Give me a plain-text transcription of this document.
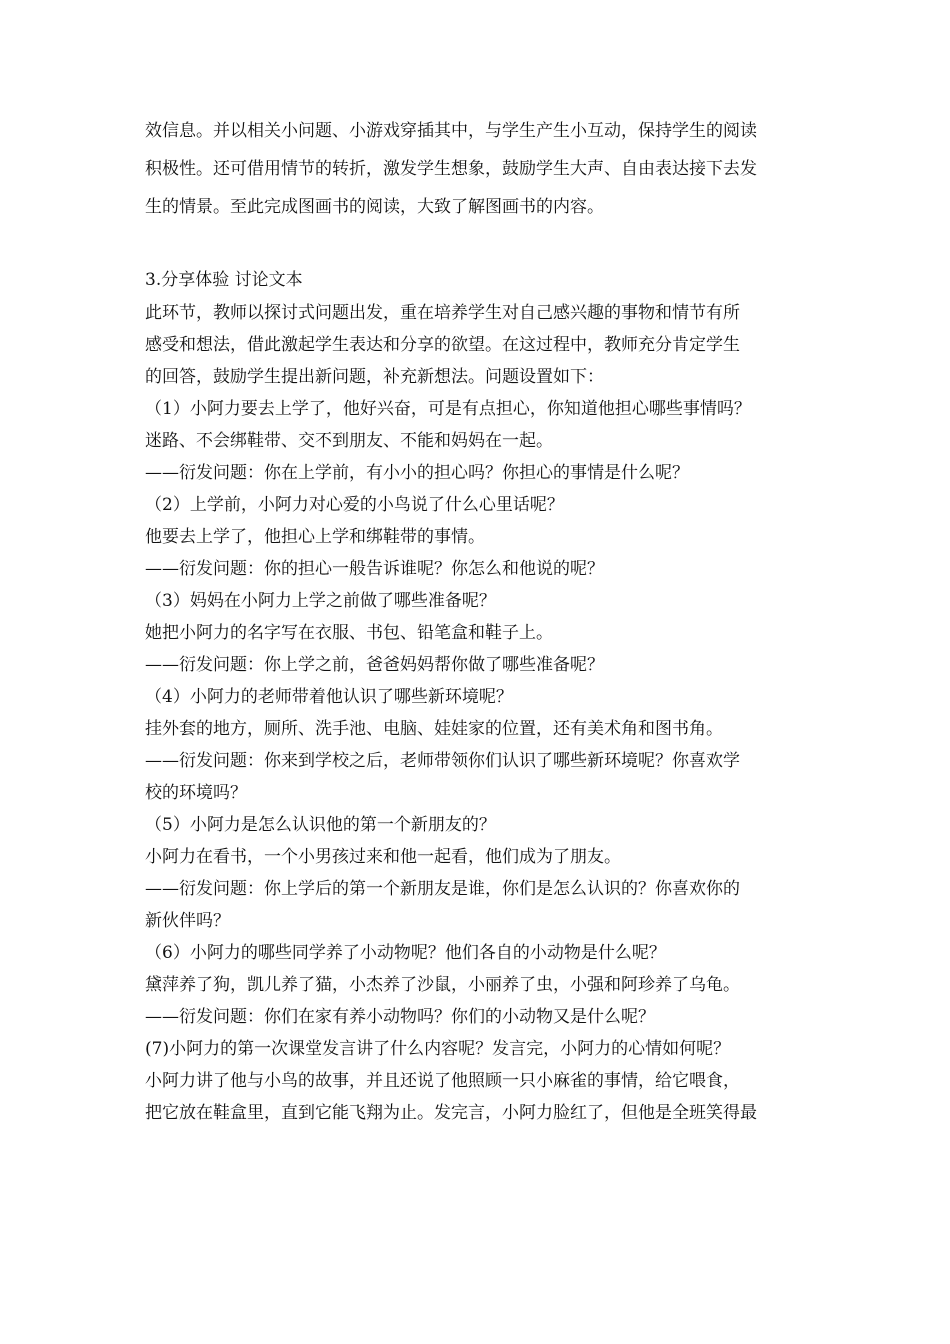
效信息。并以相关小问题、小游戏穿插其中，与学生产生小互动，保持学生的阅读

积极性。还可借用情节的转折，激发学生想象，鼓励学生大声、自由表达接下去发

生的情景。至此完成图画书的阅读，大致了解图画书的内容。

3.分享体验 讨论文本

此环节，教师以探讨式问题出发，重在培养学生对自己感兴趣的事物和情节有所

感受和想法，借此激起学生表达和分享的欲望。在这过程中，教师充分肯定学生

的回答，鼓励学生提出新问题，补充新想法。问题设置如下：

（1）小阿力要去上学了，他好兴奋，可是有点担心，你知道他担心哪些事情吗？

迷路、不会绑鞋带、交不到朋友、不能和妈妈在一起。

——衍发问题：你在上学前，有小小的担心吗？你担心的事情是什么呢？

（2）上学前，小阿力对心爱的小鸟说了什么心里话呢？

他要去上学了，他担心上学和绑鞋带的事情。

——衍发问题：你的担心一般告诉谁呢？你怎么和他说的呢？

（3）妈妈在小阿力上学之前做了哪些准备呢？

她把小阿力的名字写在衣服、书包、铅笔盒和鞋子上。

——衍发问题：你上学之前，爸爸妈妈帮你做了哪些准备呢？

（4）小阿力的老师带着他认识了哪些新环境呢？

挂外套的地方，厕所、洗手池、电脑、娃娃家的位置，还有美术角和图书角。

——衍发问题：你来到学校之后，老师带领你们认识了哪些新环境呢？你喜欢学

校的环境吗？

（5）小阿力是怎么认识他的第一个新朋友的？

小阿力在看书，一个小男孩过来和他一起看，他们成为了朋友。

——衍发问题：你上学后的第一个新朋友是谁，你们是怎么认识的？你喜欢你的

新伙伴吗？

（6）小阿力的哪些同学养了小动物呢？他们各自的小动物是什么呢？

黛萍养了狗，凯儿养了猫，小杰养了沙鼠，小丽养了虫，小强和阿珍养了乌龟。

——衍发问题：你们在家有养小动物吗？你们的小动物又是什么呢？

(7)小阿力的第一次课堂发言讲了什么内容呢？发言完，小阿力的心情如何呢？

小阿力讲了他与小鸟的故事，并且还说了他照顾一只小麻雀的事情，给它喂食，

把它放在鞋盒里，直到它能飞翔为止。发完言，小阿力脸红了，但他是全班笑得最
